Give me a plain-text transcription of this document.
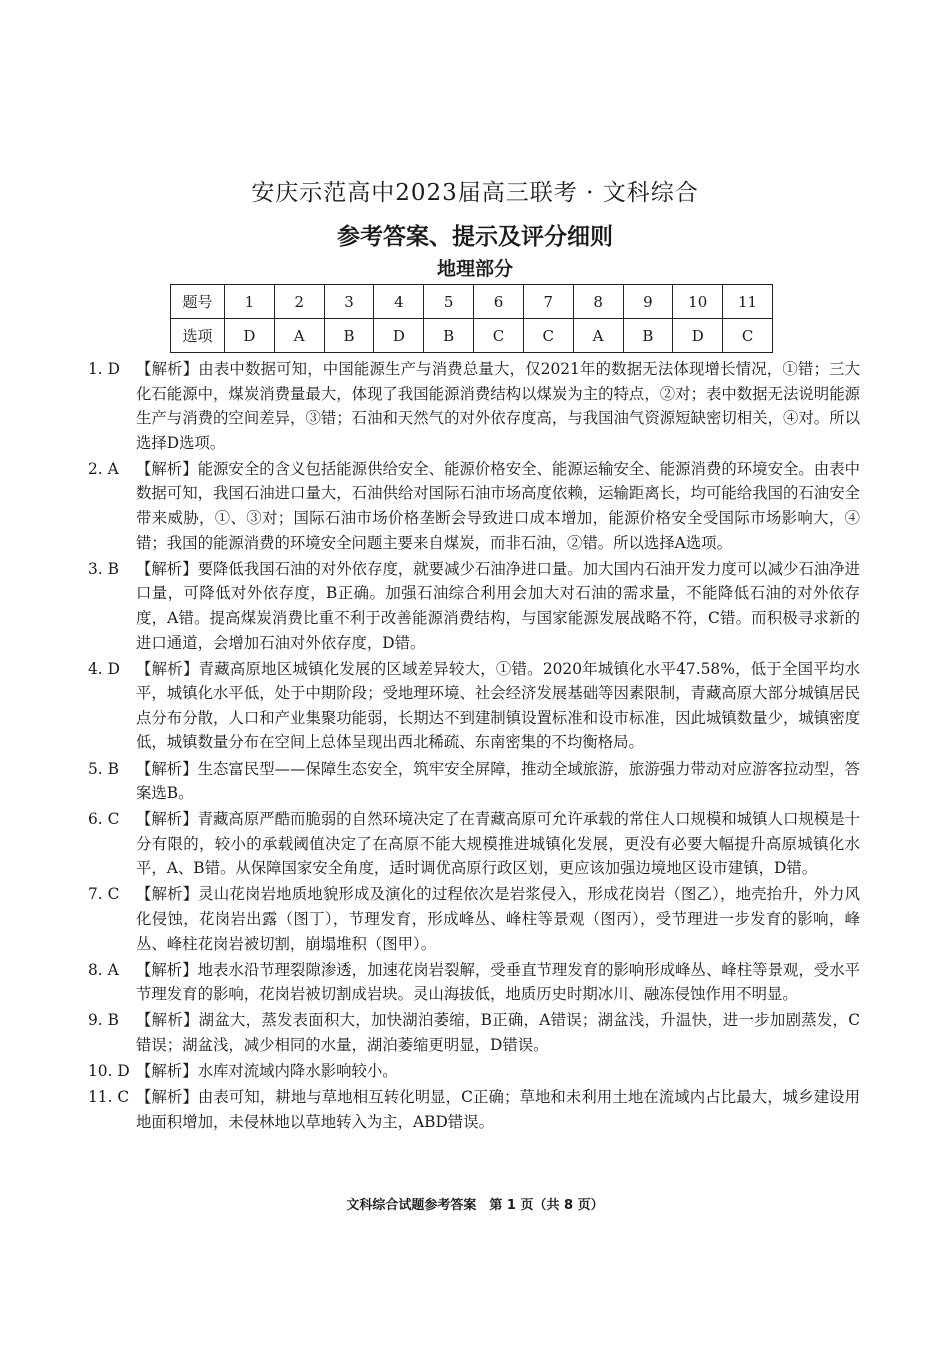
安庆示范高中2023届高三联考 · 文科综合
参考答案、提示及评分细则
地理部分
题号	1	2	3	4	5	6	7	8	9	10	11
选项	D	A	B	D	B	C	C	A	B	D	C
1. D 【解析】由表中数据可知，中国能源生产与消费总量大，仅2021年的数据无法体现增长情况，①错；三大化石能源中，煤炭消费量最大，体现了我国能源消费结构以煤炭为主的特点，②对；表中数据无法说明能源生产与消费的空间差异，③错；石油和天然气的对外依存度高，与我国油气资源短缺密切相关，④对。所以选择D选项。
2. A 【解析】能源安全的含义包括能源供给安全、能源价格安全、能源运输安全、能源消费的环境安全。由表中数据可知，我国石油进口量大，石油供给对国际石油市场高度依赖，运输距离长，均可能给我国的石油安全带来威胁，①、③对；国际石油市场价格垄断会导致进口成本增加，能源价格安全受国际市场影响大，④错；我国的能源消费的环境安全问题主要来自煤炭，而非石油，②错。所以选择A选项。
3. B 【解析】要降低我国石油的对外依存度，就要减少石油净进口量。加大国内石油开发力度可以减少石油净进口量，可降低对外依存度，B正确。加强石油综合利用会加大对石油的需求量，不能降低石油的对外依存度，A错。提高煤炭消费比重不利于改善能源消费结构，与国家能源发展战略不符，C错。而积极寻求新的进口通道，会增加石油对外依存度，D错。
4. D 【解析】青藏高原地区城镇化发展的区域差异较大，①错。2020年城镇化水平47.58%，低于全国平均水平，城镇化水平低，处于中期阶段；受地理环境、社会经济发展基础等因素限制，青藏高原大部分城镇居民点分布分散，人口和产业集聚功能弱，长期达不到建制镇设置标准和设市标准，因此城镇数量少，城镇密度低，城镇数量分布在空间上总体呈现出西北稀疏、东南密集的不均衡格局。
5. B 【解析】生态富民型——保障生态安全，筑牢安全屏障，推动全域旅游，旅游强力带动对应游客拉动型，答案选B。
6. C 【解析】青藏高原严酷而脆弱的自然环境决定了在青藏高原可允许承载的常住人口规模和城镇人口规模是十分有限的，较小的承载阈值决定了在高原不能大规模推进城镇化发展，更没有必要大幅提升高原城镇化水平，A、B错。从保障国家安全角度，适时调优高原行政区划，更应该加强边境地区设市建镇，D错。
7. C 【解析】灵山花岗岩地质地貌形成及演化的过程依次是岩浆侵入，形成花岗岩（图乙），地壳抬升，外力风化侵蚀，花岗岩出露（图丁），节理发育，形成峰丛、峰柱等景观（图丙），受节理进一步发育的影响，峰丛、峰柱花岗岩被切割，崩塌堆积（图甲）。
8. A 【解析】地表水沿节理裂隙渗透，加速花岗岩裂解，受垂直节理发育的影响形成峰丛、峰柱等景观，受水平节理发育的影响，花岗岩被切割成岩块。灵山海拔低，地质历史时期冰川、融冻侵蚀作用不明显。
9. B 【解析】湖盆大，蒸发表面积大，加快湖泊萎缩，B正确，A错误；湖盆浅，升温快，进一步加剧蒸发，C错误；湖盆浅，减少相同的水量，湖泊萎缩更明显，D错误。
10. D 【解析】水库对流域内降水影响较小。
11. C 【解析】由表可知，耕地与草地相互转化明显，C正确；草地和未利用土地在流域内占比最大，城乡建设用地面积增加，未侵林地以草地转入为主，ABD错误。
文科综合试题参考答案　第 1 页（共 8 页）
